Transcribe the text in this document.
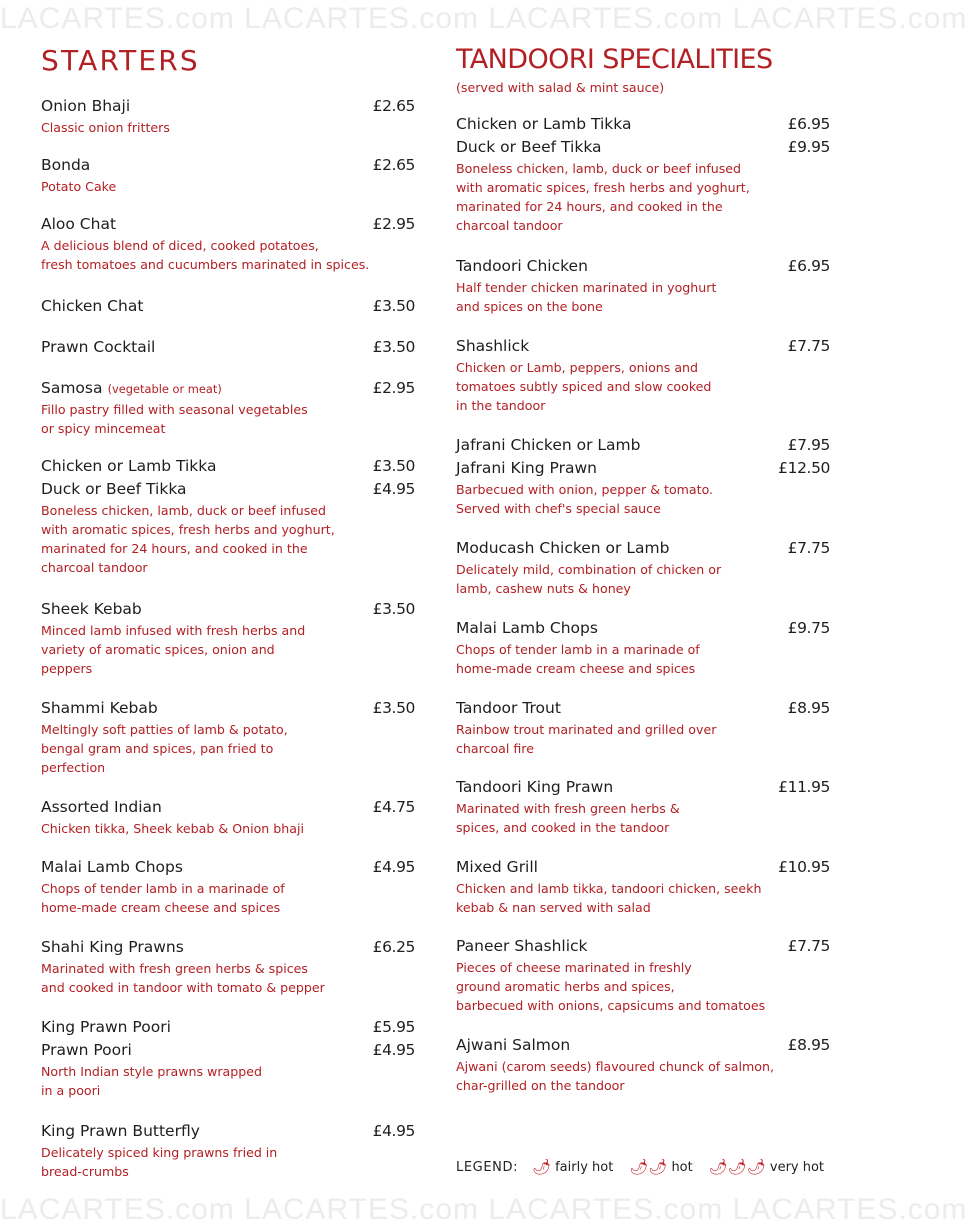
LACARTES.com LACARTES.com LACARTES.com LACARTES.com
LACARTES.com LACARTES.com LACARTES.com LACARTES.com
STARTERS
Onion Bhaji	£2.65
Classic onion fritters
Bonda	£2.65
Potato Cake
Aloo Chat	£2.95
A delicious blend of diced, cooked potatoes,
fresh tomatoes and cucumbers marinated in spices.
Chicken Chat	£3.50
Prawn Cocktail	£3.50
Samosa (vegetable or meat)	£2.95
Fillo pastry filled with seasonal vegetables
or spicy mincemeat
Chicken or Lamb Tikka	£3.50
Duck or Beef Tikka	£4.95
Boneless chicken, lamb, duck or beef infused
with aromatic spices, fresh herbs and yoghurt,
marinated for 24 hours, and cooked in the
charcoal tandoor
Sheek Kebab	£3.50
Minced lamb infused with fresh herbs and
variety of aromatic spices, onion and
peppers
Shammi Kebab	£3.50
Meltingly soft patties of lamb & potato,
bengal gram and spices, pan fried to
perfection
Assorted Indian	£4.75
Chicken tikka, Sheek kebab & Onion bhaji
Malai Lamb Chops	£4.95
Chops of tender lamb in a marinade of
home-made cream cheese and spices
Shahi King Prawns	£6.25
Marinated with fresh green herbs & spices
and cooked in tandoor with tomato & pepper
King Prawn Poori	£5.95
Prawn Poori	£4.95
North Indian style prawns wrapped
in a poori
King Prawn Butterfly	£4.95
Delicately spiced king prawns fried in
bread-crumbs
TANDOORI SPECIALITIES
(served with salad & mint sauce)
Chicken or Lamb Tikka	£6.95
Duck or Beef Tikka	£9.95
Boneless chicken, lamb, duck or beef infused
with aromatic spices, fresh herbs and yoghurt,
marinated for 24 hours, and cooked in the
charcoal tandoor
Tandoori Chicken	£6.95
Half tender chicken marinated in yoghurt
and spices on the bone
Shashlick	£7.75
Chicken or Lamb, peppers, onions and
tomatoes subtly spiced and slow cooked
in the tandoor
Jafrani Chicken or Lamb	£7.95
Jafrani King Prawn	£12.50
Barbecued with onion, pepper & tomato.
Served with chef's special sauce
Moducash Chicken or Lamb	£7.75
Delicately mild, combination of chicken or
lamb, cashew nuts & honey
Malai Lamb Chops	£9.75
Chops of tender lamb in a marinade of
home-made cream cheese and spices
Tandoor Trout	£8.95
Rainbow trout marinated and grilled over
charcoal fire
Tandoori King Prawn	£11.95
Marinated with fresh green herbs &
spices, and cooked in the tandoor
Mixed Grill	£10.95
Chicken and lamb tikka, tandoori chicken, seekh
kebab & nan served with salad
Paneer Shashlick	£7.75
Pieces of cheese marinated in freshly
ground aromatic herbs and spices,
barbecued with onions, capsicums and tomatoes
Ajwani Salmon	£8.95
Ajwani (carom seeds) flavoured chunck of salmon,
char-grilled on the tandoor
LEGEND: 🌶 fairly hot 🌶🌶 hot 🌶🌶🌶 very hot
